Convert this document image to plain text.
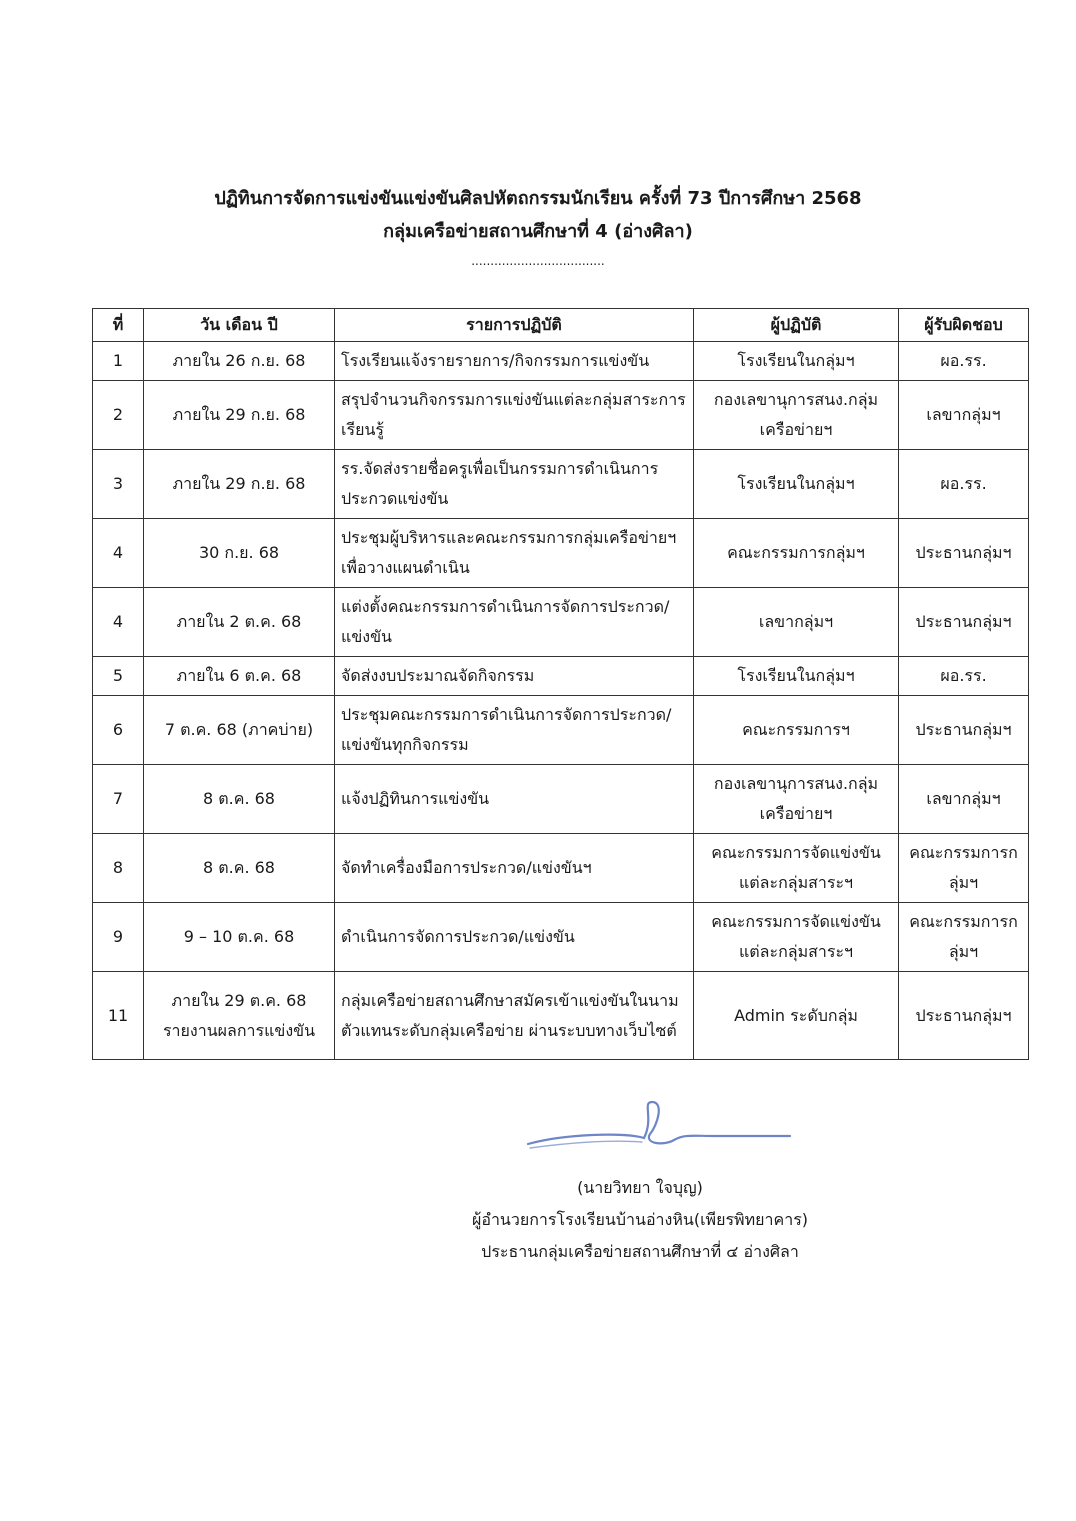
ปฏิทินการจัดการแข่งขันแข่งขันศิลปหัตถกรรมนักเรียน ครั้งที่ 73 ปีการศึกษา 2568
กลุ่มเครือข่ายสถานศึกษาที่ 4 (อ่างศิลา)
...................................
ที่	วัน เดือน ปี	รายการปฏิบัติ	ผู้ปฏิบัติ	ผู้รับผิดชอบ
1	ภายใน 26 ก.ย. 68	โรงเรียนแจ้งรายรายการ/กิจกรรมการแข่งขัน	โรงเรียนในกลุ่มฯ	ผอ.รร.
2	ภายใน 29 ก.ย. 68	สรุปจำนวนกิจกรรมการแข่งขันแต่ละกลุ่มสาระการเรียนรู้	กองเลขานุการสนง.กลุ่มเครือข่ายฯ	เลขากลุ่มฯ
3	ภายใน 29 ก.ย. 68	รร.จัดส่งรายชื่อครูเพื่อเป็นกรรมการดำเนินการประกวดแข่งขัน	โรงเรียนในกลุ่มฯ	ผอ.รร.
4	30 ก.ย. 68	ประชุมผู้บริหารและคณะกรรมการกลุ่มเครือข่ายฯ เพื่อวางแผนดำเนิน	คณะกรรมการกลุ่มฯ	ประธานกลุ่มฯ
4	ภายใน 2 ต.ค. 68	แต่งตั้งคณะกรรมการดำเนินการจัดการประกวด/แข่งขัน	เลขากลุ่มฯ	ประธานกลุ่มฯ
5	ภายใน 6 ต.ค. 68	จัดส่งงบประมาณจัดกิจกรรม	โรงเรียนในกลุ่มฯ	ผอ.รร.
6	7 ต.ค. 68 (ภาคบ่าย)	ประชุมคณะกรรมการดำเนินการจัดการประกวด/แข่งขันทุกกิจกรรม	คณะกรรมการฯ	ประธานกลุ่มฯ
7	8 ต.ค. 68	แจ้งปฏิทินการแข่งขัน	กองเลขานุการสนง.กลุ่มเครือข่ายฯ	เลขากลุ่มฯ
8	8 ต.ค. 68	จัดทำเครื่องมือการประกวด/แข่งขันฯ	คณะกรรมการจัดแข่งขันแต่ละกลุ่มสาระฯ	คณะกรรมการกลุ่มฯ
9	9 – 10 ต.ค. 68	ดำเนินการจัดการประกวด/แข่งขัน	คณะกรรมการจัดแข่งขันแต่ละกลุ่มสาระฯ	คณะกรรมการกลุ่มฯ
11	ภายใน 29 ต.ค. 68 รายงานผลการแข่งขัน	กลุ่มเครือข่ายสถานศึกษาสมัครเข้าแข่งขันในนามตัวแทนระดับกลุ่มเครือข่าย ผ่านระบบทางเว็บไซต์	Admin ระดับกลุ่ม	ประธานกลุ่มฯ
(นายวิทยา ใจบุญ)
ผู้อำนวยการโรงเรียนบ้านอ่างหิน(เพียรพิทยาคาร)
ประธานกลุ่มเครือข่ายสถานศึกษาที่ ๔ อ่างศิลา
